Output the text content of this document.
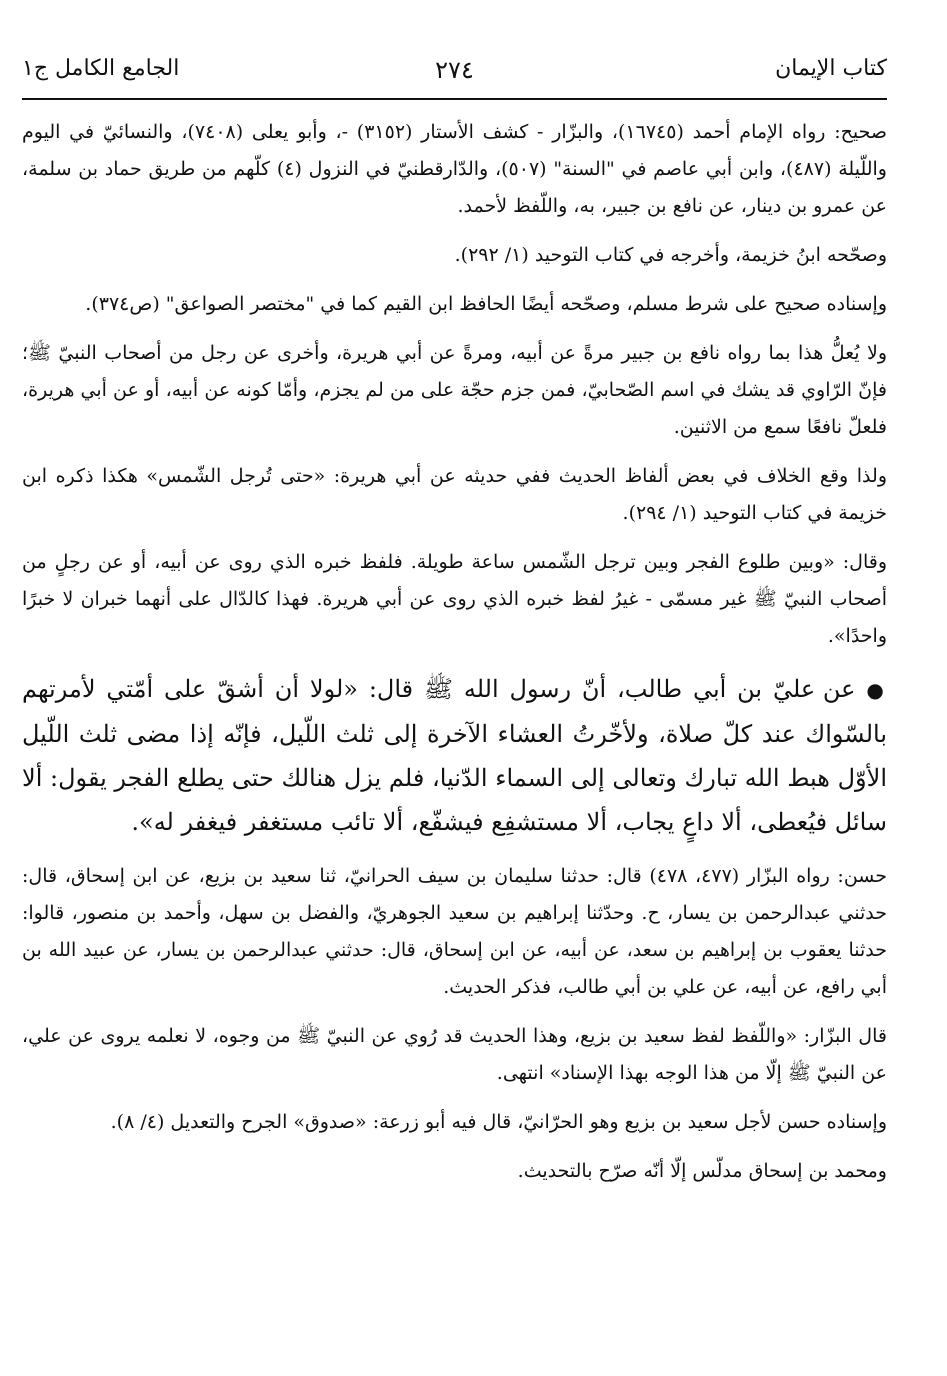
كتاب الإيمان
٢٧٤
الجامع الكامل ج١

صحيح: رواه الإمام أحمد (١٦٧٤٥)، والبزّار - كشف الأستار (٣١٥٢) -، وأبو يعلى (٧٤٠٨)، والنسائيّ في اليوم واللّيلة (٤٨٧)، وابن أبي عاصم في "السنة" (٥٠٧)، والدّارقطنيّ في النزول (٤) كلّهم من طريق حماد بن سلمة، عن عمرو بن دينار، عن نافع بن جبير، به، واللّفظ لأحمد.

وصحّحه ابنُ خزيمة، وأخرجه في كتاب التوحيد (١/ ٢٩٢).

وإسناده صحيح على شرط مسلم، وصحّحه أيضًا الحافظ ابن القيم كما في "مختصر الصواعق" (ص٣٧٤).

ولا يُعلُّ هذا بما رواه نافع بن جبير مرةً عن أبيه، ومرةً عن أبي هريرة، وأخرى عن رجل من أصحاب النبيّ ﷺ؛ فإنّ الرّاوي قد يشك في اسم الصّحابيّ، فمن جزم حجّة على من لم يجزم، وأمّا كونه عن أبيه، أو عن أبي هريرة، فلعلّ نافعًا سمع من الاثنين.

ولذا وقع الخلاف في بعض ألفاظ الحديث ففي حديثه عن أبي هريرة: «حتى تُرجل الشّمس» هكذا ذكره ابن خزيمة في كتاب التوحيد (١/ ٢٩٤).

وقال: «وبين طلوع الفجر وبين ترجل الشّمس ساعة طويلة. فلفظ خبره الذي روى عن أبيه، أو عن رجلٍ من أصحاب النبيّ ﷺ غير مسمّى - غيرُ لفظ خبره الذي روى عن أبي هريرة. فهذا كالدّال على أنهما خبران لا خبرًا واحدًا».

● عن عليّ بن أبي طالب، أنّ رسول الله ﷺ قال: «لولا أن أشقّ على أمّتي لأمرتهم بالسّواك عند كلّ صلاة، ولأخّرتُ العشاء الآخرة إلى ثلث اللّيل، فإنّه إذا مضى ثلث اللّيل الأوّل هبط الله تبارك وتعالى إلى السماء الدّنيا، فلم يزل هنالك حتى يطلع الفجر يقول: ألا سائل فيُعطى، ألا داعٍ يجاب، ألا مستشفِع فيشفّع، ألا تائب مستغفر فيغفر له».

حسن: رواه البزّار (٤٧٧، ٤٧٨) قال: حدثنا سليمان بن سيف الحرانيّ، ثنا سعيد بن بزيع، عن ابن إسحاق، قال: حدثني عبدالرحمن بن يسار، ح. وحدّثنا إبراهيم بن سعيد الجوهريّ، والفضل بن سهل، وأحمد بن منصور، قالوا: حدثنا يعقوب بن إبراهيم بن سعد، عن أبيه، عن ابن إسحاق، قال: حدثني عبدالرحمن بن يسار، عن عبيد الله بن أبي رافع، عن أبيه، عن علي بن أبي طالب، فذكر الحديث.

قال البزّار: «واللّفظ لفظ سعيد بن بزيع، وهذا الحديث قد رُوي عن النبيّ ﷺ من وجوه، لا نعلمه يروى عن علي، عن النبيّ ﷺ إلّا من هذا الوجه بهذا الإسناد» انتهى.

وإسناده حسن لأجل سعيد بن بزيع وهو الحرّانيّ، قال فيه أبو زرعة: «صدوق» الجرح والتعديل (٤/ ٨).

ومحمد بن إسحاق مدلّس إلّا أنّه صرّح بالتحديث.
